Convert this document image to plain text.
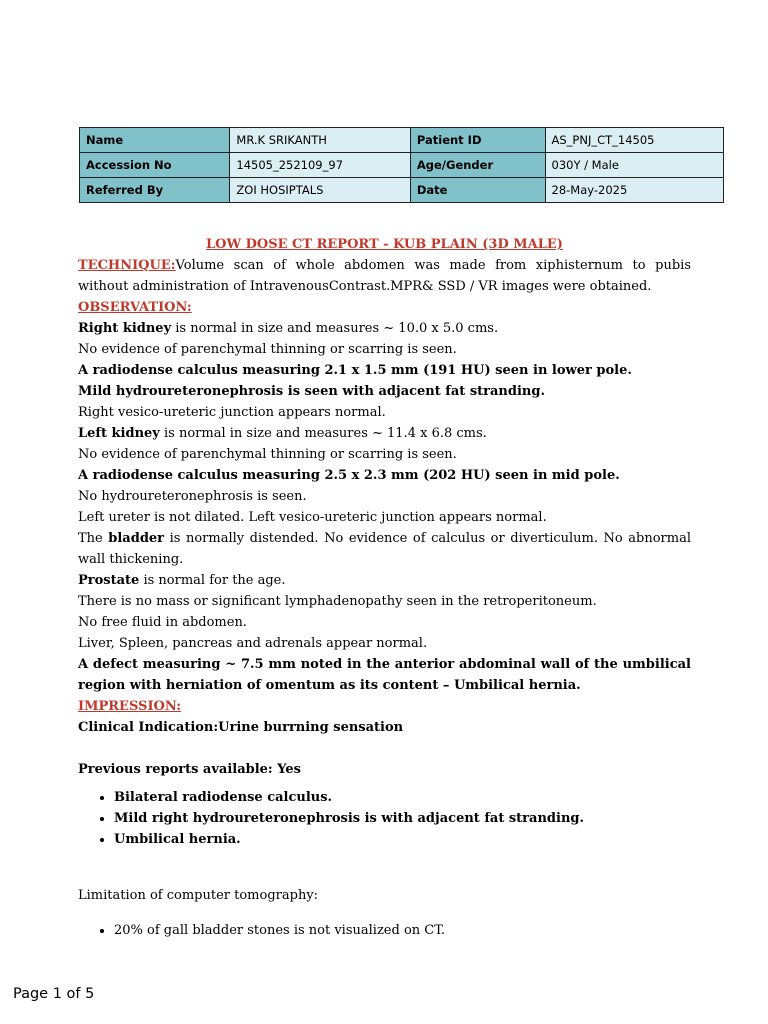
Name	MR.K SRIKANTH	Patient ID	AS_PNJ_CT_14505
Accession No	14505_252109_97	Age/Gender	030Y / Male
Referred By	ZOI HOSIPTALS	Date	28-May-2025

LOW DOSE CT REPORT - KUB PLAIN (3D MALE)

TECHNIQUE:Volume scan of whole abdomen was made from xiphisternum to pubis without administration of IntravenousContrast.MPR& SSD / VR images were obtained.

OBSERVATION:

Right kidney is normal in size and measures ~ 10.0 x 5.0 cms.

No evidence of parenchymal thinning or scarring is seen.

A radiodense calculus measuring 2.1 x 1.5 mm (191 HU) seen in lower pole.

Mild hydroureteronephrosis is seen with adjacent fat stranding.

Right vesico-ureteric junction appears normal.

Left kidney is normal in size and measures ~ 11.4 x 6.8 cms.

No evidence of parenchymal thinning or scarring is seen.

A radiodense calculus measuring 2.5 x 2.3 mm (202 HU) seen in mid pole.

No hydroureteronephrosis is seen.

Left ureter is not dilated. Left vesico-ureteric junction appears normal.

The bladder is normally distended. No evidence of calculus or diverticulum. No abnormal wall thickening.

Prostate is normal for the age.

There is no mass or significant lymphadenopathy seen in the retroperitoneum.

No free fluid in abdomen.

Liver, Spleen, pancreas and adrenals appear normal.

A defect measuring ~ 7.5 mm noted in the anterior abdominal wall of the umbilical region with herniation of omentum as its content – Umbilical hernia.

IMPRESSION:

Clinical Indication:Urine burrning sensation

Previous reports available: Yes

• Bilateral radiodense calculus.
• Mild right hydroureteronephrosis is with adjacent fat stranding.
• Umbilical hernia.

Limitation of computer tomography:

• 20% of gall bladder stones is not visualized on CT.
Page 1 of 5
